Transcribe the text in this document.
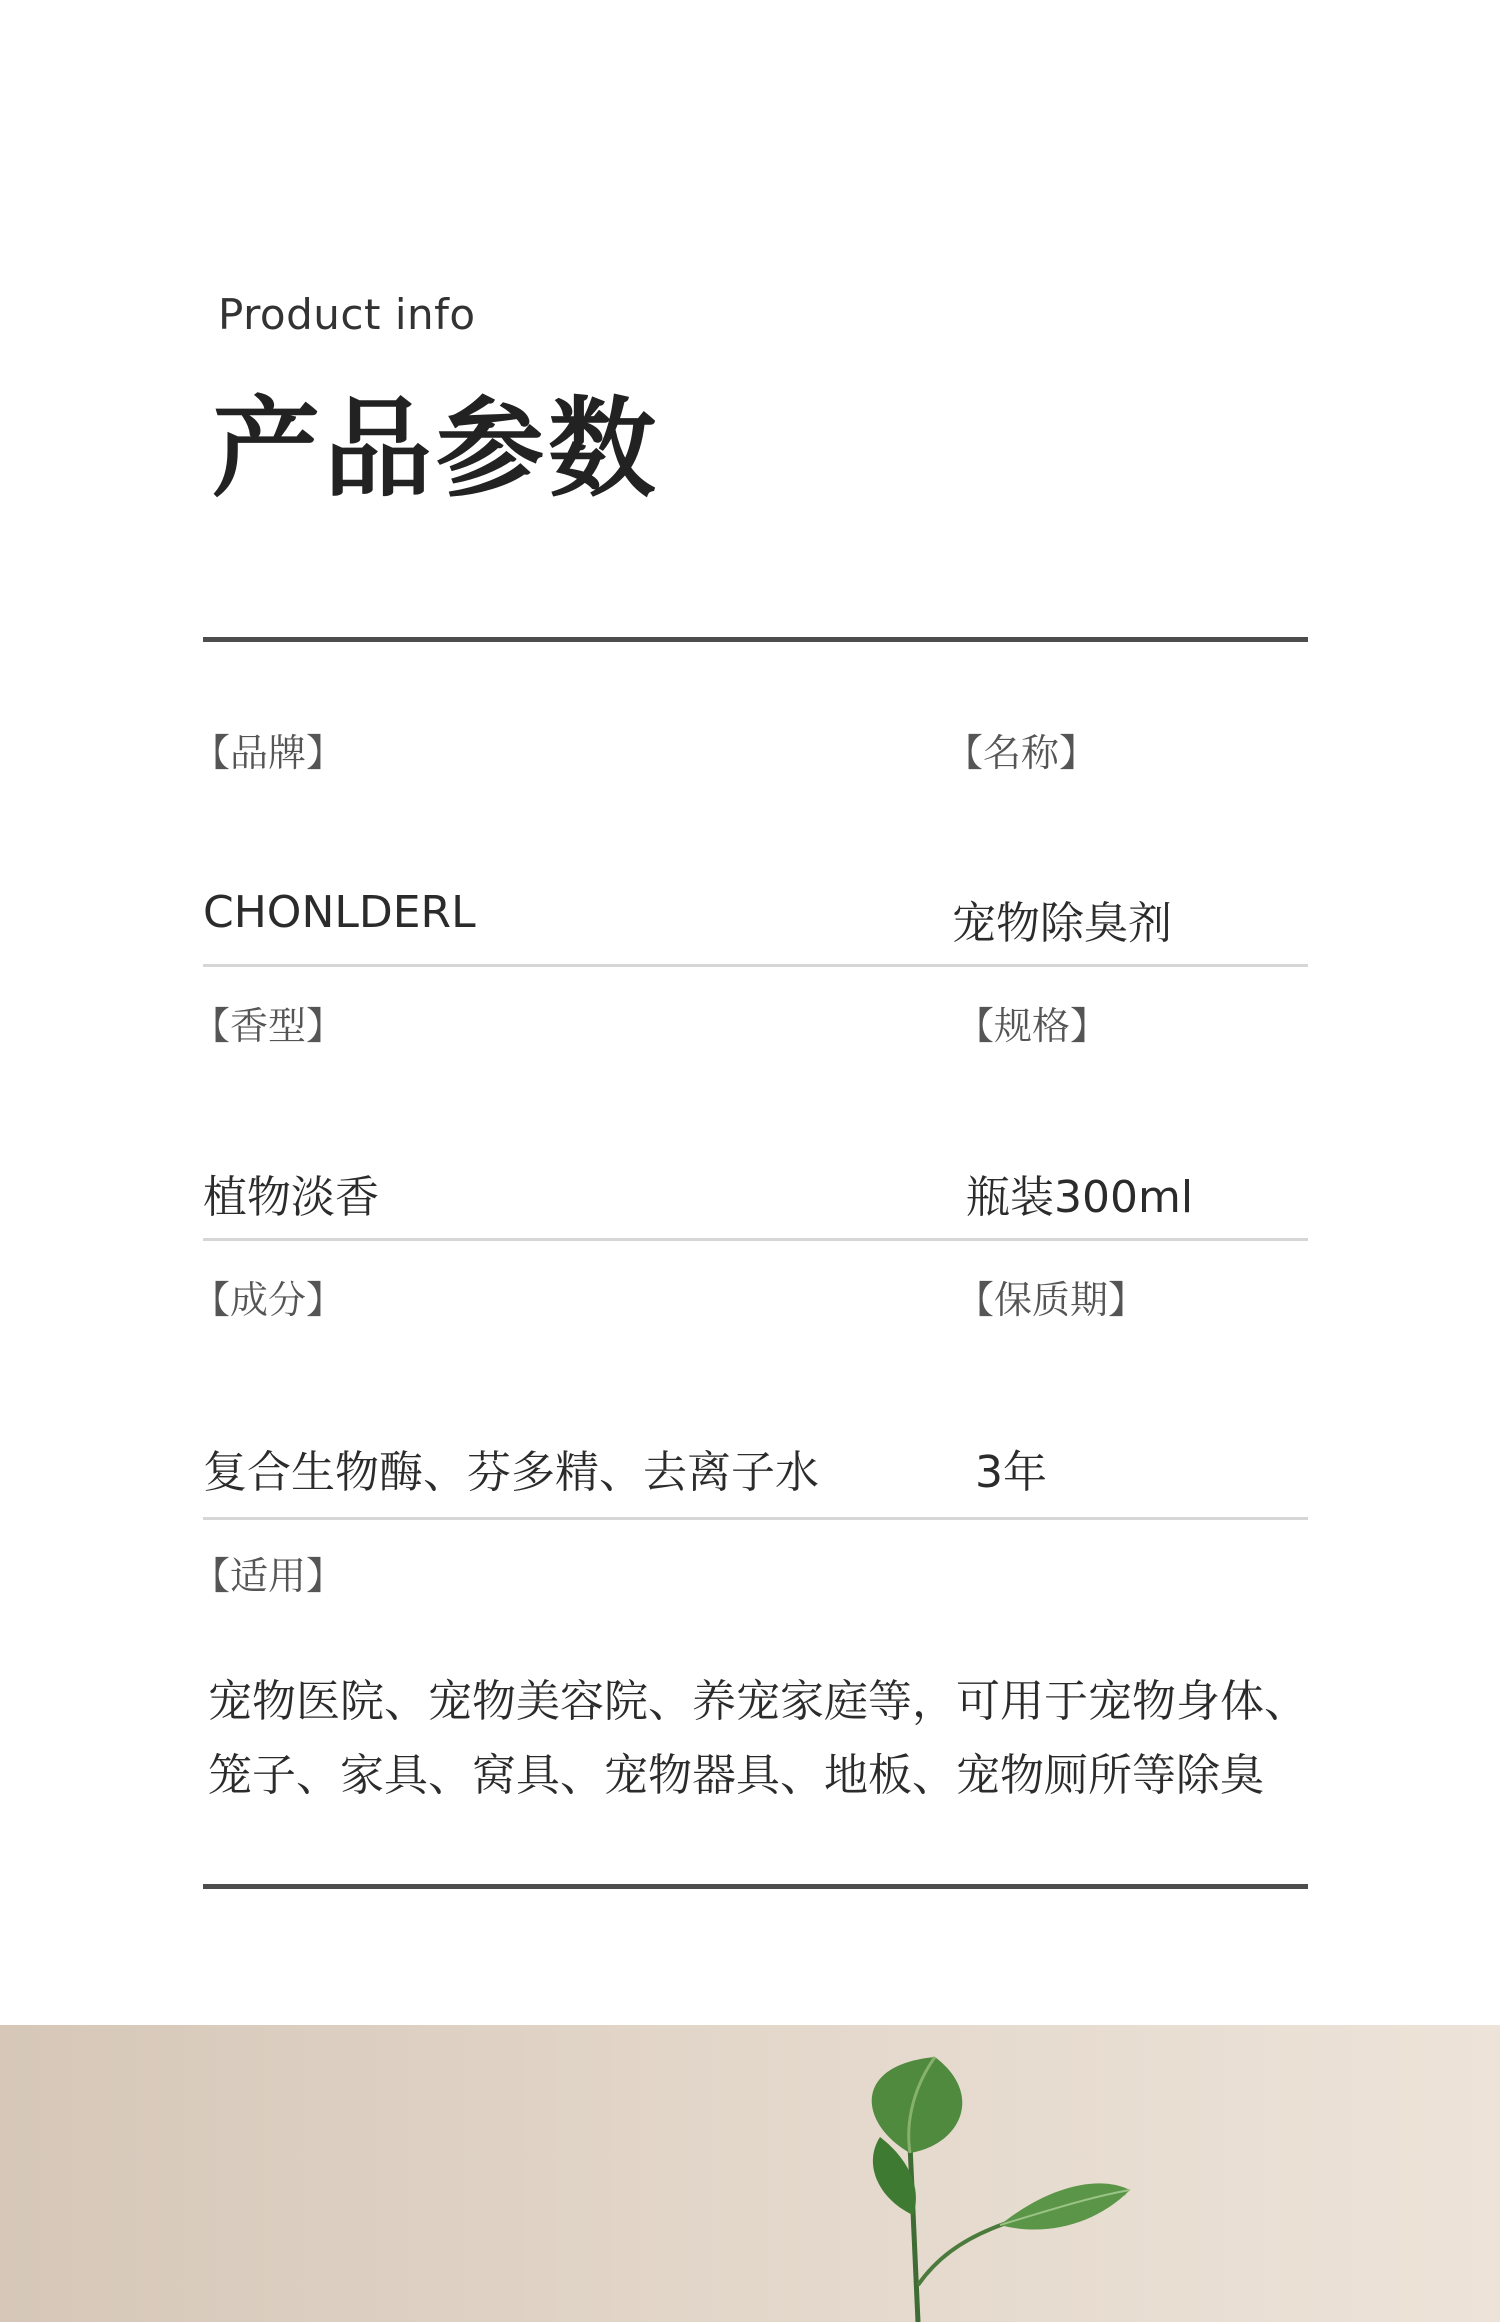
Product info
产品参数
【品牌】	【名称】
CHONLDERL	宠物除臭剂
【香型】	【规格】
植物淡香	瓶装300ml
【成分】	【保质期】
复合生物酶、芬多精、去离子水	3年
【适用】
宠物医院、宠物美容院、养宠家庭等，可用于宠物身体、
笼子、家具、窝具、宠物器具、地板、宠物厕所等除臭
